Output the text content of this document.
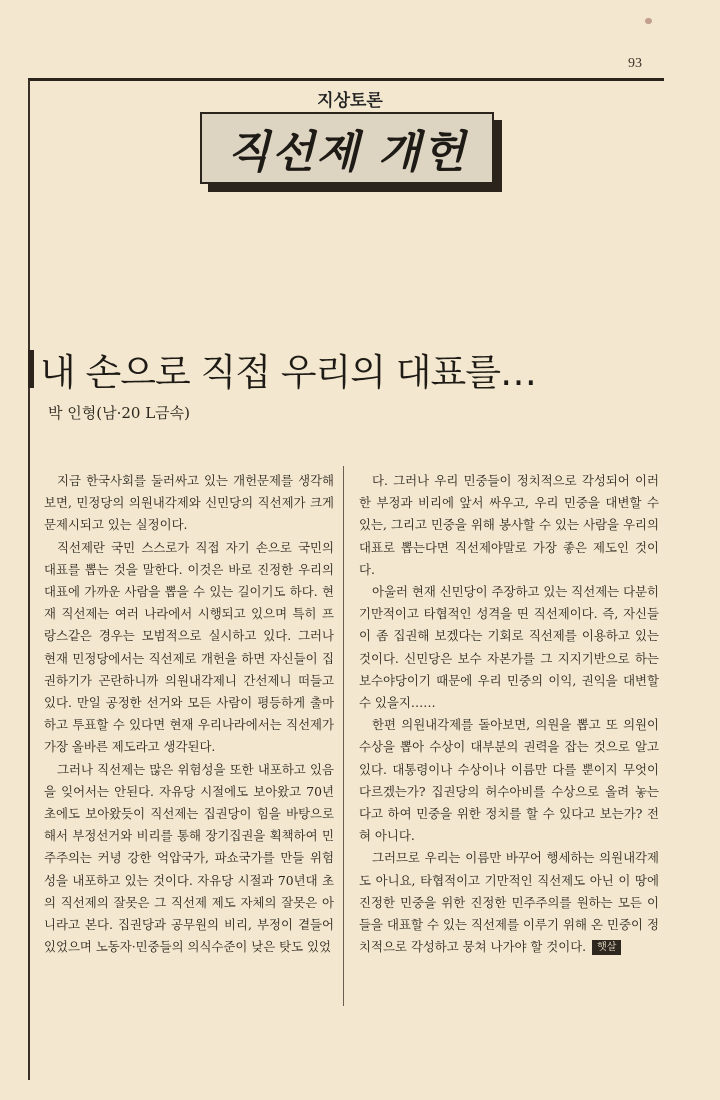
93
지상토론
직선제 개헌
내 손으로 직접 우리의 대표를…
박 인형(남·20 L금속)

지금 한국사회를 둘러싸고 있는 개헌문제를 생각해 보면, 민정당의 의원내각제와 신민당의 직선제가 크게 문제시되고 있는 실정이다.

직선제란 국민 스스로가 직접 자기 손으로 국민의 대표를 뽑는 것을 말한다. 이것은 바로 진정한 우리의 대표에 가까운 사람을 뽑을 수 있는 길이기도 하다. 현재 직선제는 여러 나라에서 시행되고 있으며 특히 프랑스같은 경우는 모범적으로 실시하고 있다. 그러나 현재 민정당에서는 직선제로 개헌을 하면 자신들이 집권하기가 곤란하니까 의원내각제니 간선제니 떠들고 있다. 만일 공정한 선거와 모든 사람이 평등하게 출마하고 투표할 수 있다면 현재 우리나라에서는 직선제가 가장 올바른 제도라고 생각된다.

그러나 직선제는 많은 위험성을 또한 내포하고 있음을 잊어서는 안된다. 자유당 시절에도 보아왔고 70년 초에도 보아왔듯이 직선제는 집권당이 힘을 바탕으로 해서 부정선거와 비리를 통해 장기집권을 획책하여 민주주의는 커녕 강한 억압국가, 파쇼국가를 만들 위험성을 내포하고 있는 것이다. 자유당 시절과 70년대 초의 직선제의 잘못은 그 직선제 제도 자체의 잘못은 아니라고 본다. 집권당과 공무원의 비리, 부정이 곁들어 있었으며 노동자·민중들의 의식수준이 낮은 탓도 있었

다. 그러나 우리 민중들이 정치적으로 각성되어 이러한 부정과 비리에 앞서 싸우고, 우리 민중을 대변할 수 있는, 그리고 민중을 위해 봉사할 수 있는 사람을 우리의 대표로 뽑는다면 직선제야말로 가장 좋은 제도인 것이다.

아울러 현재 신민당이 주장하고 있는 직선제는 다분히 기만적이고 타협적인 성격을 띤 직선제이다. 즉, 자신들이 좀 집권해 보겠다는 기회로 직선제를 이용하고 있는 것이다. 신민당은 보수 자본가를 그 지지기반으로 하는 보수야당이기 때문에 우리 민중의 이익, 권익을 대변할 수 있을지……

한편 의원내각제를 돌아보면, 의원을 뽑고 또 의원이 수상을 뽑아 수상이 대부분의 권력을 잡는 것으로 알고 있다. 대통령이나 수상이나 이름만 다를 뿐이지 무엇이 다르겠는가? 집권당의 허수아비를 수상으로 올려 놓는다고 하여 민중을 위한 정치를 할 수 있다고 보는가? 전혀 아니다.

그러므로 우리는 이름만 바꾸어 행세하는 의원내각제도 아니요, 타협적이고 기만적인 직선제도 아닌 이 땅에 진정한 민중을 위한 진정한 민주주의를 원하는 모든 이들을 대표할 수 있는 직선제를 이루기 위해 온 민중이 정치적으로 각성하고 뭉쳐 나가야 할 것이다. 햇살
